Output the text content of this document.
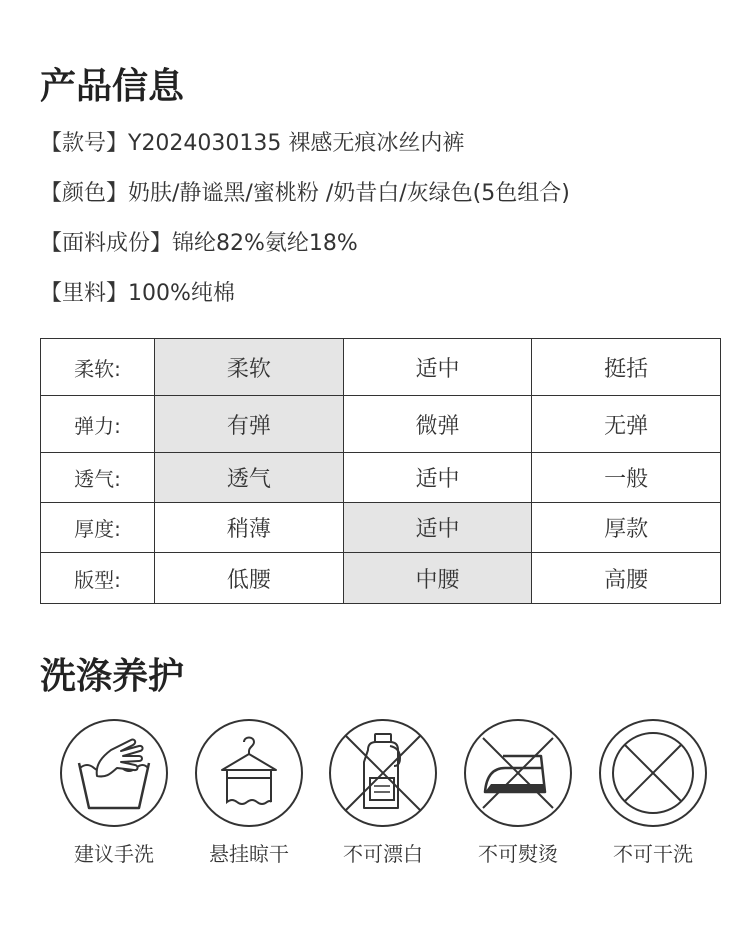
产品信息
【款号】Y2024030135 裸感无痕冰丝内裤
【颜色】奶肤/静谧黑/蜜桃粉 /奶昔白/灰绿色(5色组合)
【面料成份】锦纶82%氨纶18%
【里料】100%纯棉
柔软:	柔软	适中	挺括
弹力:	有弹	微弹	无弹
透气:	透气	适中	一般
厚度:	稍薄	适中	厚款
版型:	低腰	中腰	高腰
洗涤养护
建议手洗	悬挂晾干	不可漂白	不可熨烫	不可干洗
